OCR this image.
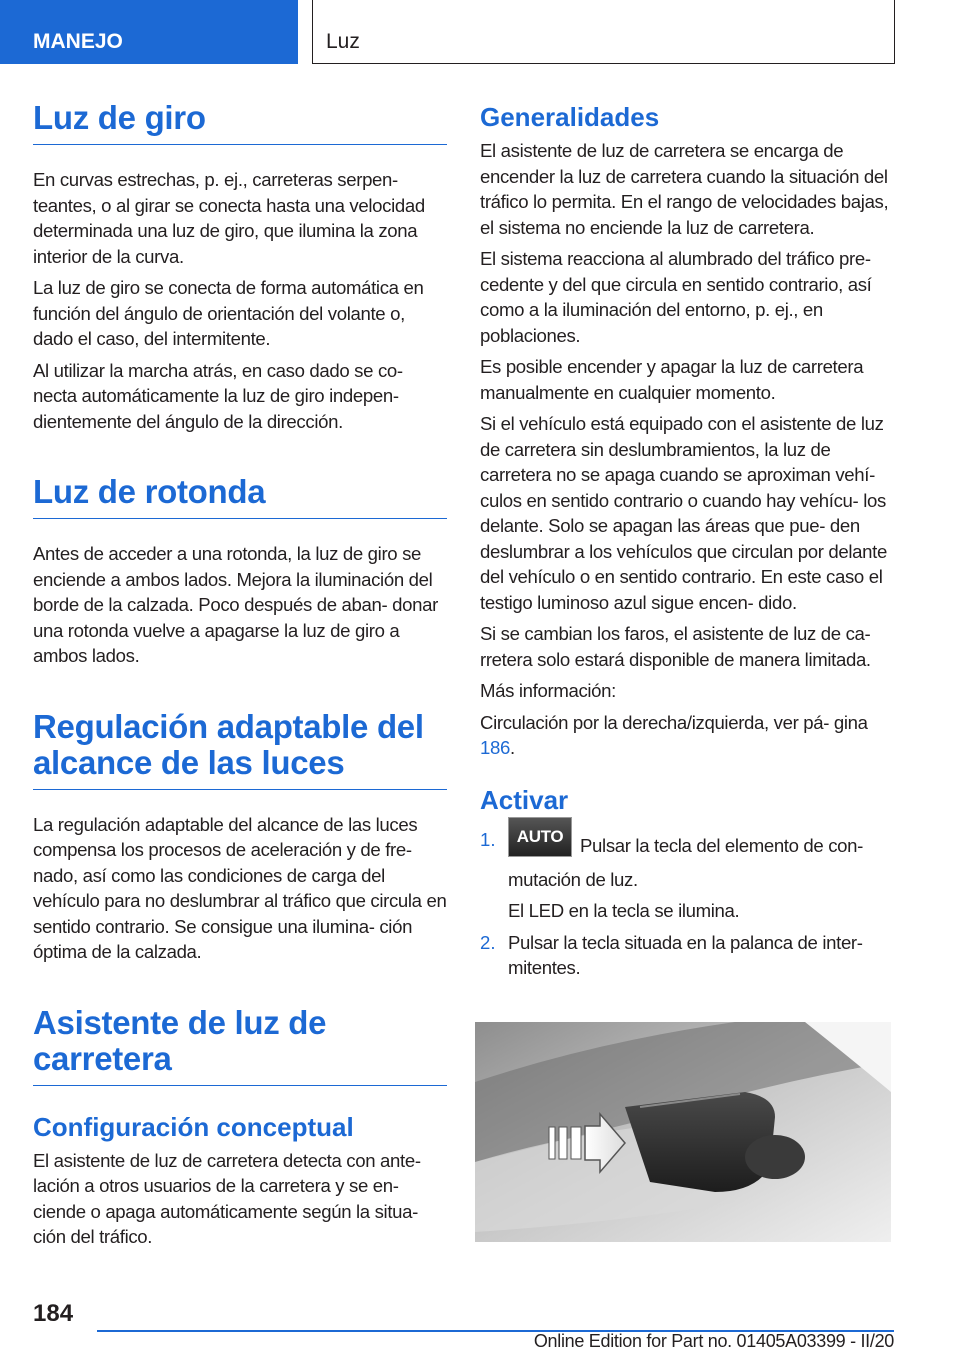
MANEJO	Luz
Luz de giro

En curvas estrechas, p. ej., carreteras serpen‐ teantes, o al girar se conecta hasta una velocidad determinada una luz de giro, que ilumina la zona interior de la curva.

La luz de giro se conecta de forma automática en función del ángulo de orientación del volante o, dado el caso, del intermitente.

Al utilizar la marcha atrás, en caso dado se co‐ necta automáticamente la luz de giro indepen‐ dientemente del ángulo de la dirección.

Luz de rotonda

Antes de acceder a una rotonda, la luz de giro se enciende a ambos lados. Mejora la iluminación del borde de la calzada. Poco después de aban‐ donar una rotonda vuelve a apagarse la luz de giro a ambos lados.

Regulación adaptable del alcance de las luces

La regulación adaptable del alcance de las luces compensa los procesos de aceleración y de fre‐ nado, así como las condiciones de carga del vehículo para no deslumbrar al tráfico que circula en sentido contrario. Se consigue una ilumina‐ ción óptima de la calzada.

Asistente de luz de carretera
Configuración conceptual

El asistente de luz de carretera detecta con ante‐ lación a otros usuarios de la carretera y se en‐ ciende o apaga automáticamente según la situa‐ ción del tráfico.

Generalidades

El asistente de luz de carretera se encarga de encender la luz de carretera cuando la situación del tráfico lo permita. En el rango de velocidades bajas, el sistema no enciende la luz de carretera.

El sistema reacciona al alumbrado del tráfico pre‐ cedente y del que circula en sentido contrario, así como a la iluminación del entorno, p. ej., en poblaciones.

Es posible encender y apagar la luz de carretera manualmente en cualquier momento.

Si el vehículo está equipado con el asistente de luz de carretera sin deslumbramientos, la luz de carretera no se apaga cuando se aproximan vehí‐ culos en sentido contrario o cuando hay vehícu‐ los delante. Solo se apagan las áreas que pue‐ den deslumbrar a los vehículos que circulan por delante del vehículo o en sentido contrario. En este caso el testigo luminoso azul sigue encen‐ dido.

Si se cambian los faros, el asistente de luz de ca‐ rretera solo estará disponible de manera limitada.

Más información:

Circulación por la derecha/izquierda, ver pá‐ gina 186.

Activar
1.	AUTO Pulsar la tecla del elemento de con‐ mutación de luz.

El LED en la tecla se ilumina.

2. Pulsar la tecla situada en la palanca de inter‐ mitentes.

184
Online Edition for Part no. 01405A03399 - II/20
